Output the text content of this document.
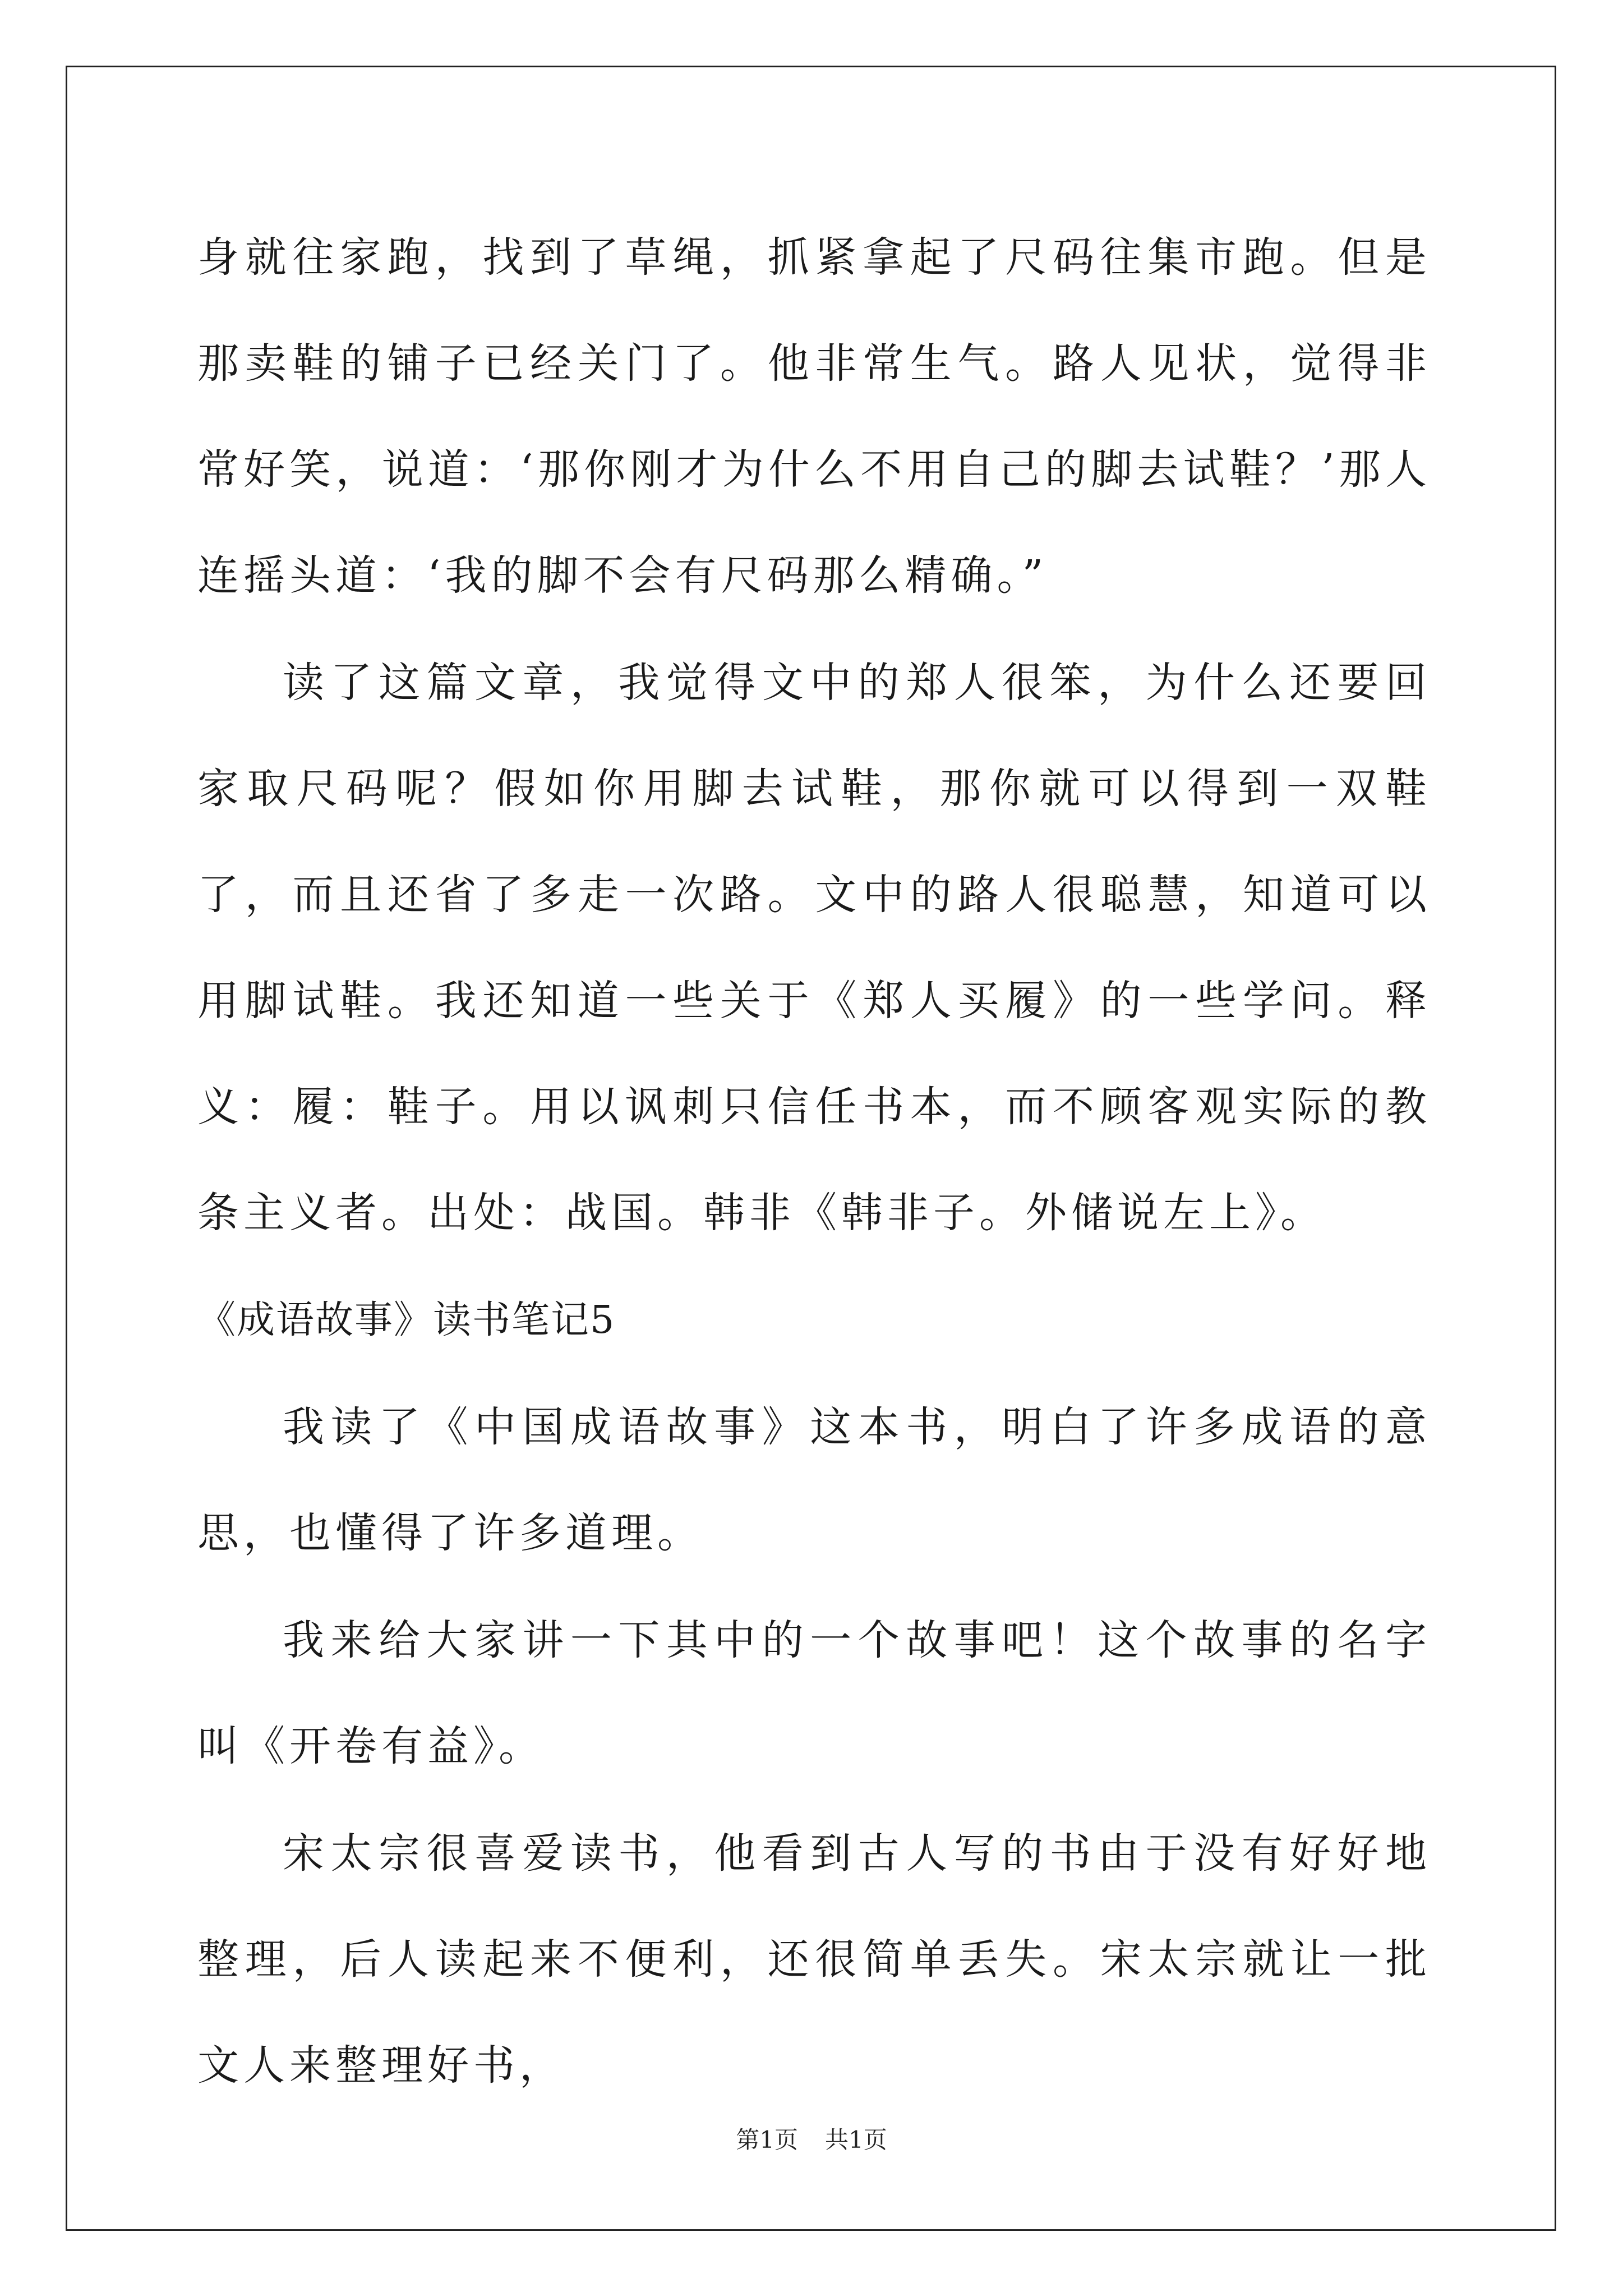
身就往家跑，找到了草绳，抓紧拿起了尺码往集市跑。但是那卖鞋的铺子已经关门了。他非常生气。路人见状，觉得非常好笑，说道：‘那你刚才为什么不用自己的脚去试鞋？’那人连摇头道：‘我的脚不会有尺码那么精确。”

读了这篇文章，我觉得文中的郑人很笨，为什么还要回家取尺码呢？假如你用脚去试鞋，那你就可以得到一双鞋了，而且还省了多走一次路。文中的路人很聪慧，知道可以用脚试鞋。我还知道一些关于《郑人买履》的一些学问。释义：履：鞋子。用以讽刺只信任书本，而不顾客观实际的教条主义者。出处：战国。韩非《韩非子。外储说左上》。

《成语故事》读书笔记5

我读了《中国成语故事》这本书，明白了许多成语的意思，也懂得了许多道理。

我来给大家讲一下其中的一个故事吧！这个故事的名字叫《开卷有益》。

宋太宗很喜爱读书，他看到古人写的书由于没有好好地整理，后人读起来不便利，还很简单丢失。宋太宗就让一批文人来整理好书，

第1页 共1页
